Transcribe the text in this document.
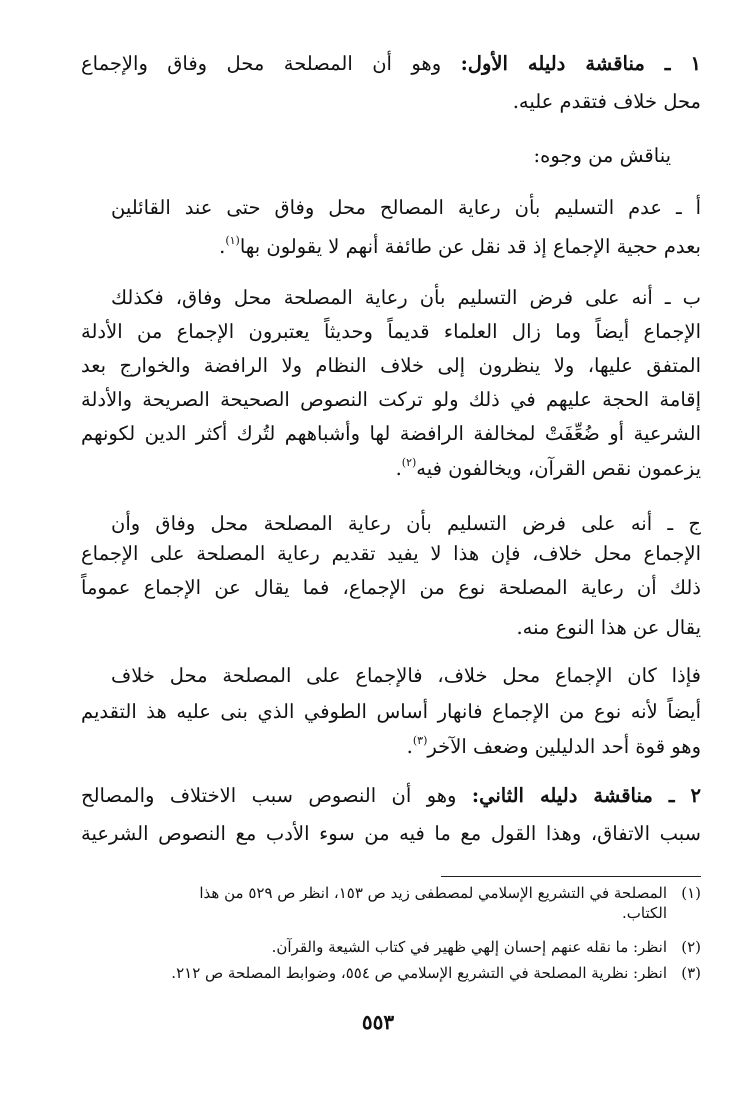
١ ـ مناقشة دليله الأول: وهو أن المصلحة محل وفاق والإجماع
محل خلاف فتقدم عليه.
يناقش من وجوه:
أ ـ عدم التسليم بأن رعاية المصالح محل وفاق حتى عند القائلين
بعدم حجية الإجماع إذ قد نقل عن طائفة أنهم لا يقولون بها$^{(١)}$.
ب ـ أنه على فرض التسليم بأن رعاية المصلحة محل وفاق، فكذلك
الإجماع أيضاً وما زال العلماء قديماً وحديثاً يعتبرون الإجماع من الأدلة
المتفق عليها، ولا ينظرون إلى خلاف النظام ولا الرافضة والخوارج بعد
إقامة الحجة عليهم في ذلك ولو تركت النصوص الصحيحة الصريحة والأدلة
الشرعية أو ضُعِّفَتْ لمخالفة الرافضة لها وأشباههم لتُرك أكثر الدين لكونهم
يزعمون نقص القرآن، ويخالفون فيه$^{(٢)}$.
ج ـ أنه على فرض التسليم بأن رعاية المصلحة محل وفاق وأن
الإجماع محل خلاف، فإن هذا لا يفيد تقديم رعاية المصلحة على الإجماع
ذلك أن رعاية المصلحة نوع من الإجماع، فما يقال عن الإجماع عموماً
يقال عن هذا النوع منه.
فإذا كان الإجماع محل خلاف، فالإجماع على المصلحة محل خلاف
أيضاً لأنه نوع من الإجماع فانهار أساس الطوفي الذي بنى عليه هذ التقديم
وهو قوة أحد الدليلين وضعف الآخر$^{(٣)}$.
٢ ـ مناقشة دليله الثاني: وهو أن النصوص سبب الاختلاف والمصالح
سبب الاتفاق، وهذا القول مع ما فيه من سوء الأدب مع النصوص الشرعية
(١)المصلحة في التشريع الإسلامي لمصطفى زيد ص ١٥٣، انظر ص ٥٢٩ من هذا
الكتاب.
(٢)انظر: ما نقله عنهم إحسان إلهي ظهير في كتاب الشيعة والقرآن.
(٣)انظر: نظرية المصلحة في التشريع الإسلامي ص ٥٥٤، وضوابط المصلحة ص ٢١٢.
٥٥٣
